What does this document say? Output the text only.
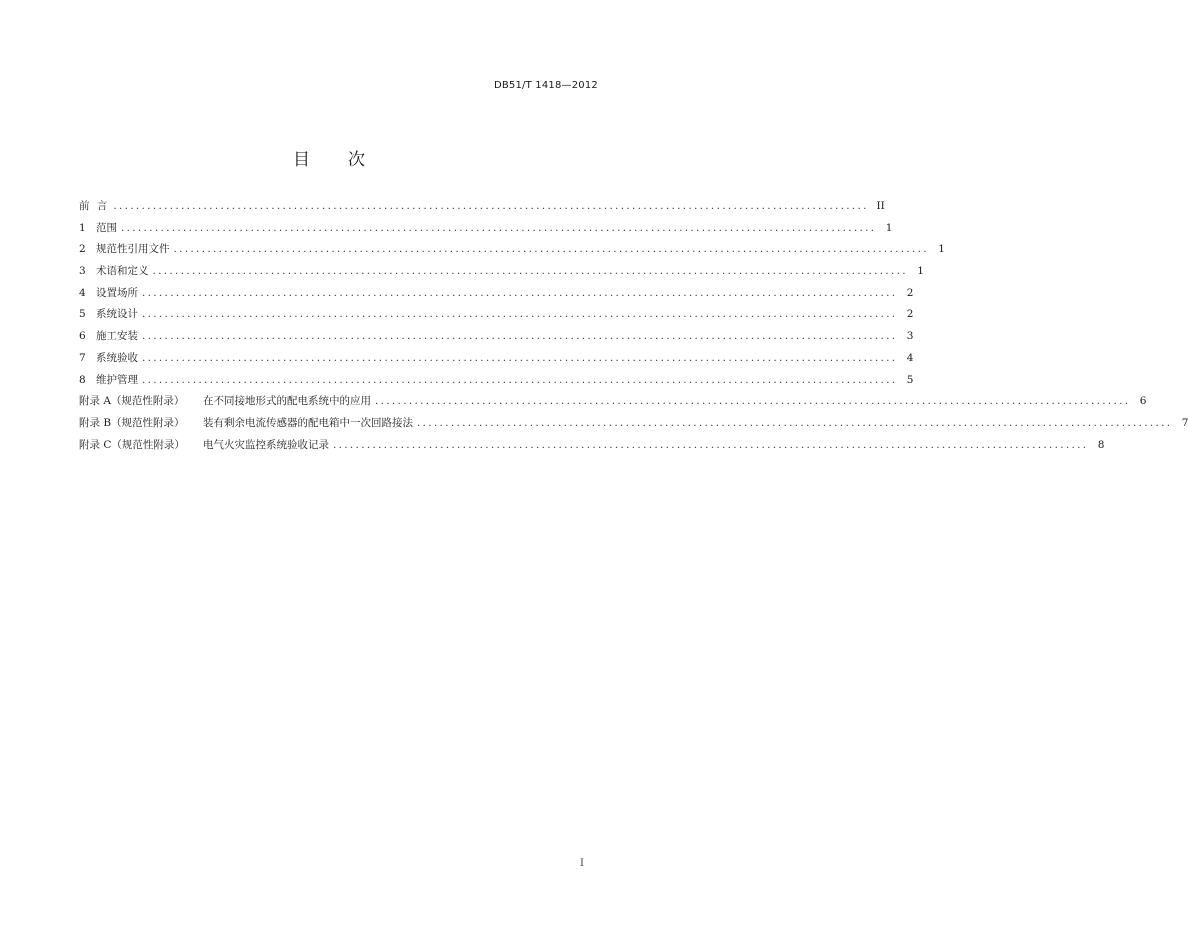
DB51/T 1418—2012
目 次
前 言 ...................................................................................................................................... II
1 范围 ...................................................................................................................................... 1
2 规范性引用文件 ...................................................................................................................................... 1
3 术语和定义 ...................................................................................................................................... 1
4 设置场所 ...................................................................................................................................... 2
5 系统设计 ...................................................................................................................................... 2
6 施工安装 ...................................................................................................................................... 3
7 系统验收 ...................................................................................................................................... 4
8 维护管理 ...................................................................................................................................... 5
附录 A（规范性附录）	在不同接地形式的配电系统中的应用 ...................................................................................................................................... 6
附录 B（规范性附录）	装有剩余电流传感器的配电箱中一次回路接法 ...................................................................................................................................... 7
附录 C（规范性附录）	电气火灾监控系统验收记录 ...................................................................................................................................... 8
I
